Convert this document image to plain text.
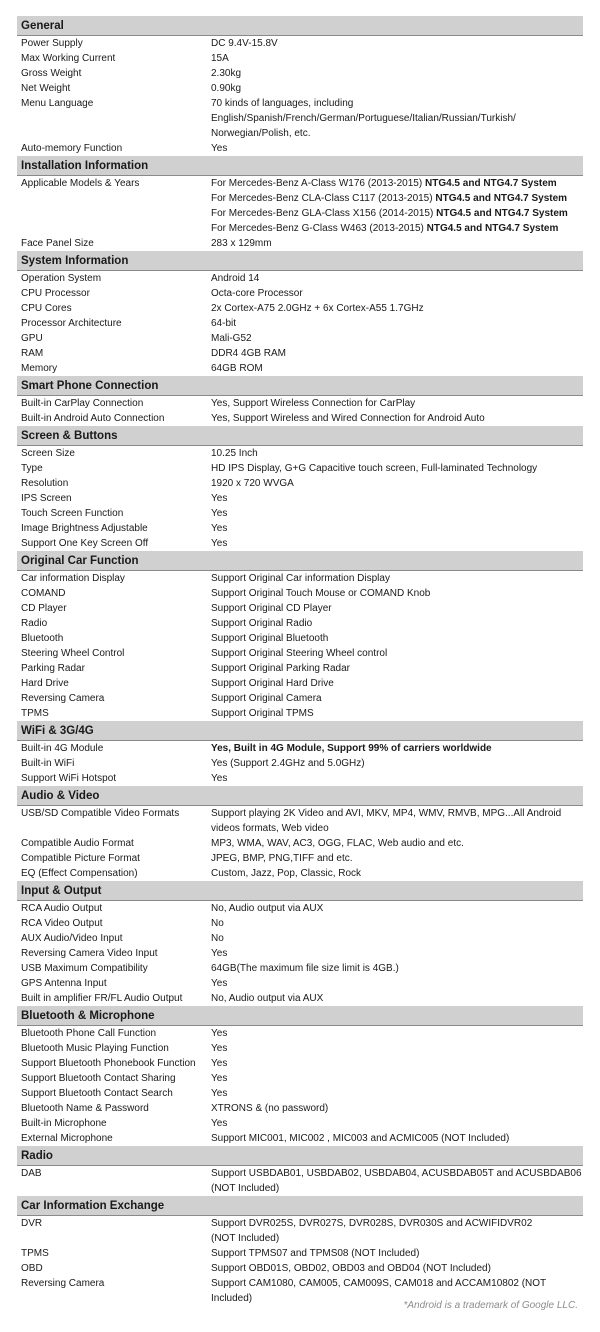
General
Power Supply	DC 9.4V-15.8V
Max Working Current	15A
Gross Weight	2.30kg
Net Weight	0.90kg
Menu Language	70 kinds of languages, including
English/Spanish/French/German/Portuguese/Italian/Russian/Turkish/
Norwegian/Polish, etc.
Auto-memory Function	Yes
Installation Information
Applicable Models & Years	For Mercedes-Benz A-Class W176 (2013-2015) NTG4.5 and NTG4.7 System
For Mercedes-Benz CLA-Class C117 (2013-2015) NTG4.5 and NTG4.7 System
For Mercedes-Benz GLA-Class X156 (2014-2015) NTG4.5 and NTG4.7 System
For Mercedes-Benz G-Class W463 (2013-2015) NTG4.5 and NTG4.7 System
Face Panel Size	283 x 129mm
System Information
Operation System	Android 14
CPU Processor	Octa-core Processor
CPU Cores	2x Cortex-A75 2.0GHz + 6x Cortex-A55 1.7GHz
Processor Architecture	64-bit
GPU	Mali-G52
RAM	DDR4 4GB RAM
Memory	64GB ROM
Smart Phone Connection
Built-in CarPlay Connection	Yes, Support Wireless Connection for CarPlay
Built-in Android Auto Connection	Yes, Support Wireless and Wired Connection for Android Auto
Screen & Buttons
Screen Size	10.25 Inch
Type	HD IPS Display, G+G Capacitive touch screen, Full-laminated Technology
Resolution	1920 x 720 WVGA
IPS Screen	Yes
Touch Screen Function	Yes
Image Brightness Adjustable	Yes
Support One Key Screen Off	Yes
Original Car Function
Car information Display	Support Original Car information Display
COMAND	Support Original Touch Mouse or COMAND Knob
CD Player	Support Original CD Player
Radio	Support Original Radio
Bluetooth	Support Original Bluetooth
Steering Wheel Control	Support Original Steering Wheel control
Parking Radar	Support Original Parking Radar
Hard Drive	Support Original Hard Drive
Reversing Camera	Support Original Camera
TPMS	Support Original TPMS
WiFi & 3G/4G
Built-in 4G Module	Yes, Built in 4G Module, Support 99% of carriers worldwide
Built-in WiFi	Yes (Support 2.4GHz and 5.0GHz)
Support WiFi Hotspot	Yes
Audio & Video
USB/SD Compatible Video Formats	Support playing 2K Video and AVI, MKV, MP4, WMV, RMVB, MPG...All Android
videos formats, Web video
Compatible Audio Format	MP3, WMA, WAV, AC3, OGG, FLAC, Web audio and etc.
Compatible Picture Format	JPEG, BMP, PNG,TIFF and etc.
EQ (Effect Compensation)	Custom, Jazz, Pop, Classic, Rock
Input & Output
RCA Audio Output	No, Audio output via AUX
RCA Video Output	No
AUX Audio/Video Input	No
Reversing Camera Video Input	Yes
USB Maximum Compatibility	64GB(The maximum file size limit is 4GB.)
GPS Antenna Input	Yes
Built in amplifier FR/FL Audio Output	No, Audio output via AUX
Bluetooth & Microphone
Bluetooth Phone Call Function	Yes
Bluetooth Music Playing Function	Yes
Support Bluetooth Phonebook Function	Yes
Support Bluetooth Contact Sharing	Yes
Support Bluetooth Contact Search	Yes
Bluetooth Name & Password	XTRONS & (no password)
Built-in Microphone	Yes
External Microphone	Support MIC001, MIC002 , MIC003 and ACMIC005 (NOT Included)
Radio
DAB	Support USBDAB01, USBDAB02, USBDAB04, ACUSBDAB05T and ACUSBDAB06
(NOT Included)
Car Information Exchange
DVR	Support DVR025S, DVR027S, DVR028S, DVR030S and ACWIFIDVR02
(NOT Included)
TPMS	Support TPMS07 and TPMS08 (NOT Included)
OBD	Support OBD01S, OBD02, OBD03 and OBD04 (NOT Included)
Reversing Camera	Support CAM1080, CAM005, CAM009S, CAM018 and ACCAM10802 (NOT
Included)
*Android is a trademark of Google LLC.
